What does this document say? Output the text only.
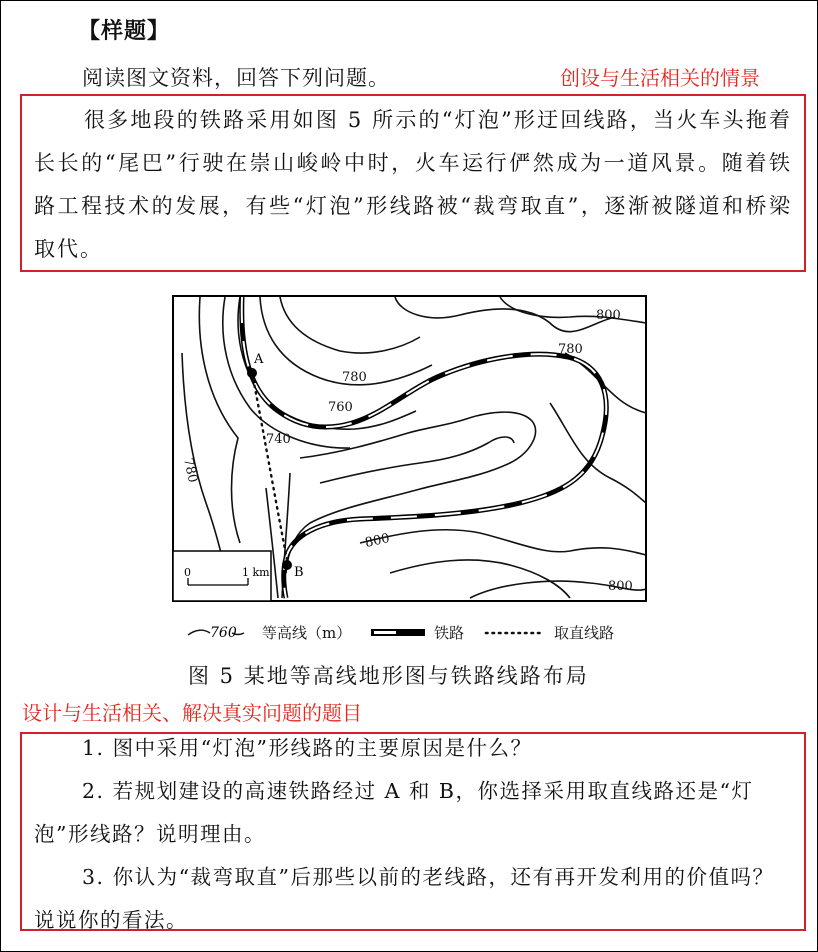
【样题】
阅读图文资料，回答下列问题。	创设与生活相关的情景

很多地段的铁路采用如图 5 所示的“灯泡”形迂回线路，当火车头拖着长长的“尾巴”行驶在崇山峻岭中时，火车运行俨然成为一道风景。随着铁路工程技术的发展，有些“灯泡”形线路被“裁弯取直”，逐渐被隧道和桥梁取代。

A
B
780
740
760
780
780
800
800
800
0	1 km
760 等高线（m）	铁路	取直线路
图 5 某地等高线地形图与铁路线路布局
设计与生活相关、解决真实问题的题目

1. 图中采用“灯泡”形线路的主要原因是什么？

2. 若规划建设的高速铁路经过 A 和 B，你选择采用取直线路还是“灯泡”形线路？说明理由。

3. 你认为“裁弯取直”后那些以前的老线路，还有再开发利用的价值吗？说说你的看法。
